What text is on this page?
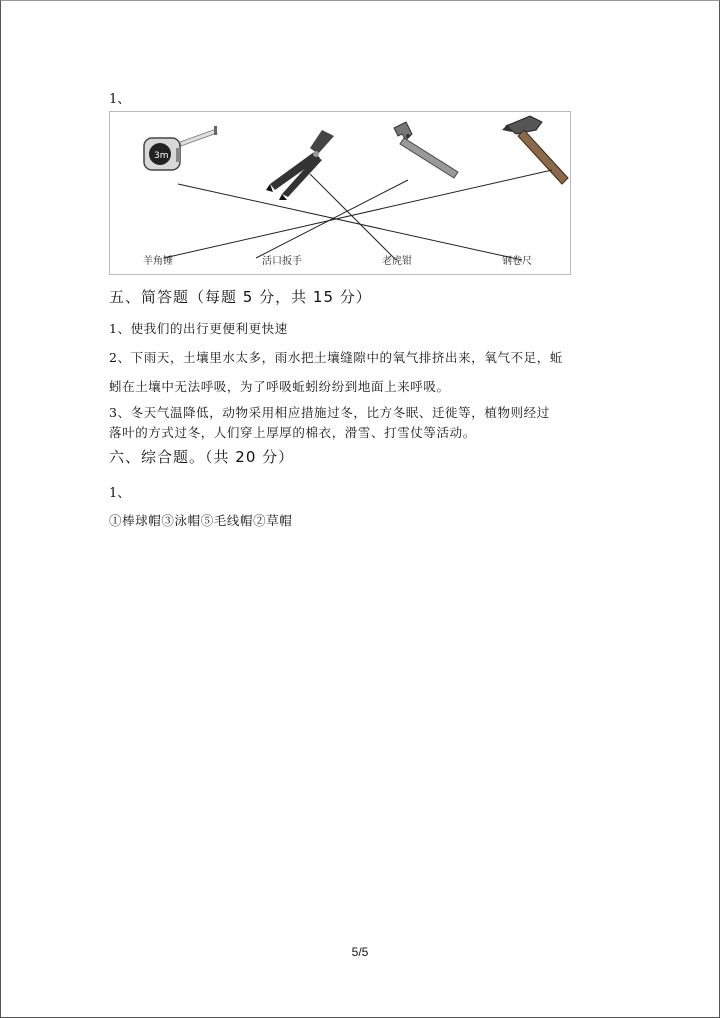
1、
3m
羊角锤	活口扳手	老虎钳	钢卷尺
五、简答题（每题 5 分，共 15 分）
1、使我们的出行更便利更快速
2、下雨天，土壤里水太多，雨水把土壤缝隙中的氧气排挤出来，氧气不足，蚯
蚓在土壤中无法呼吸，为了呼吸蚯蚓纷纷到地面上来呼吸。
3、冬天气温降低，动物采用相应措施过冬，比方冬眠、迁徙等，植物则经过
落叶的方式过冬，人们穿上厚厚的棉衣，滑雪、打雪仗等活动。
六、综合题。（共 20 分）
1、
①棒球帽③泳帽⑤毛线帽②草帽
5/5
